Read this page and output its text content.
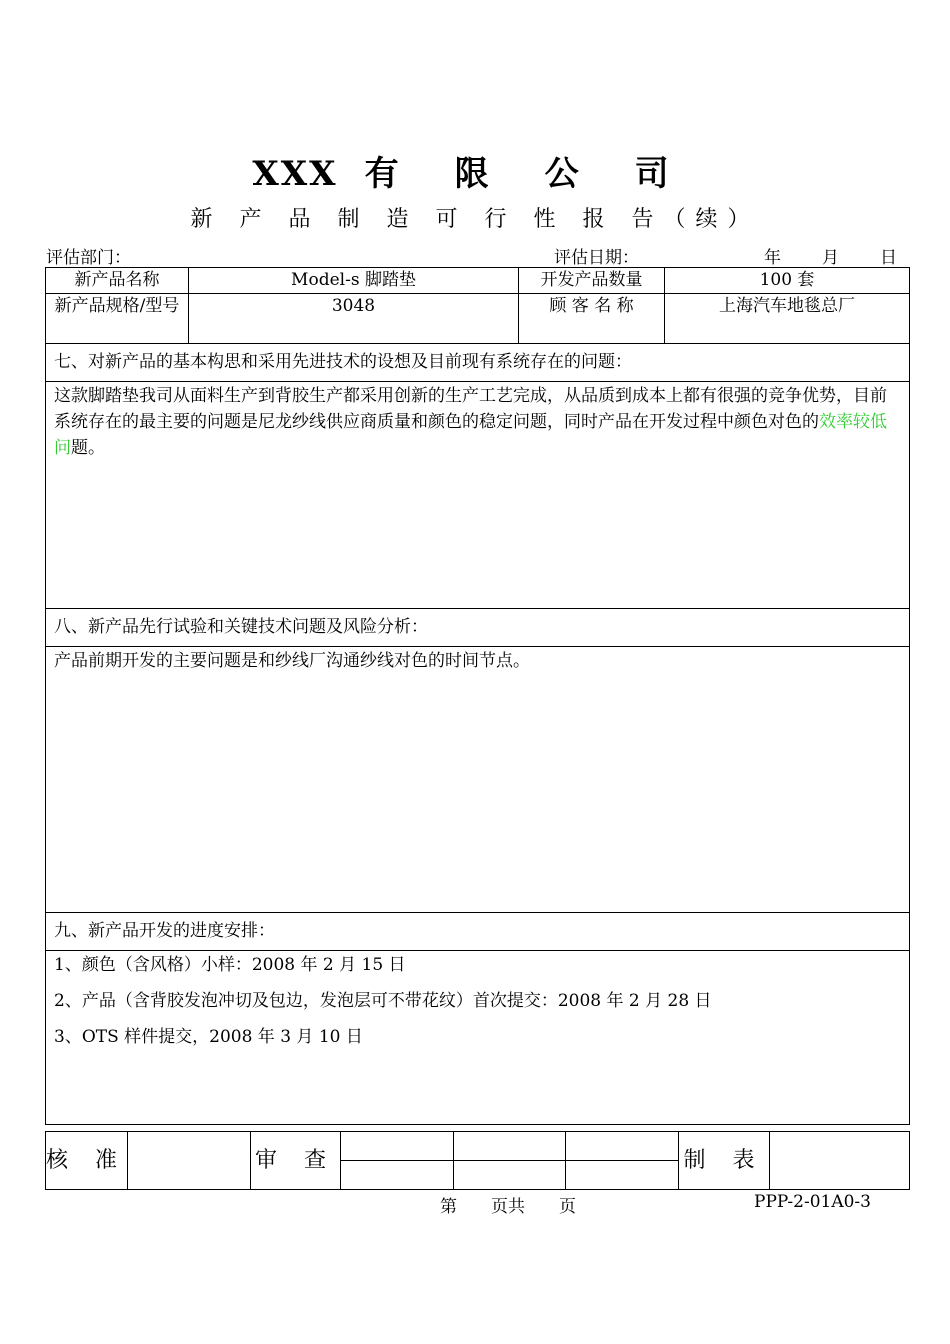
XXX 有 限 公 司
新 产 品 制 造 可 行 性 报 告（续）
评估部门：	评估日期：	年 月 日
新产品名称	Model-s 脚踏垫	开发产品数量	100 套
新产品规格/型号	3048	顾 客 名 称	上海汽车地毯总厂
七、对新产品的基本构思和采用先进技术的设想及目前现有系统存在的问题：			
这款脚踏垫我司从面料生产到背胶生产都采用创新的生产工艺完成，从品质到成本上都有很强的竞争优势，目前系统存在的最主要的问题是尼龙纱线供应商质量和颜色的稳定问题，同时产品在开发过程中颜色对色的效率较低问题。			
八、新产品先行试验和关键技术问题及风险分析：			
产品前期开发的主要问题是和纱线厂沟通纱线对色的时间节点。			
九、新产品开发的进度安排：			

1、颜色（含风格）小样：2008 年 2 月 15 日

2、产品（含背胶发泡冲切及包边，发泡层可不带花纹）首次提交：2008 年 2 月 28 日

3、OTS 样件提交，2008 年 3 月 10 日			

核 准		审 查				制 表	
第　　页共　　页	PPP-2-01A0-3
